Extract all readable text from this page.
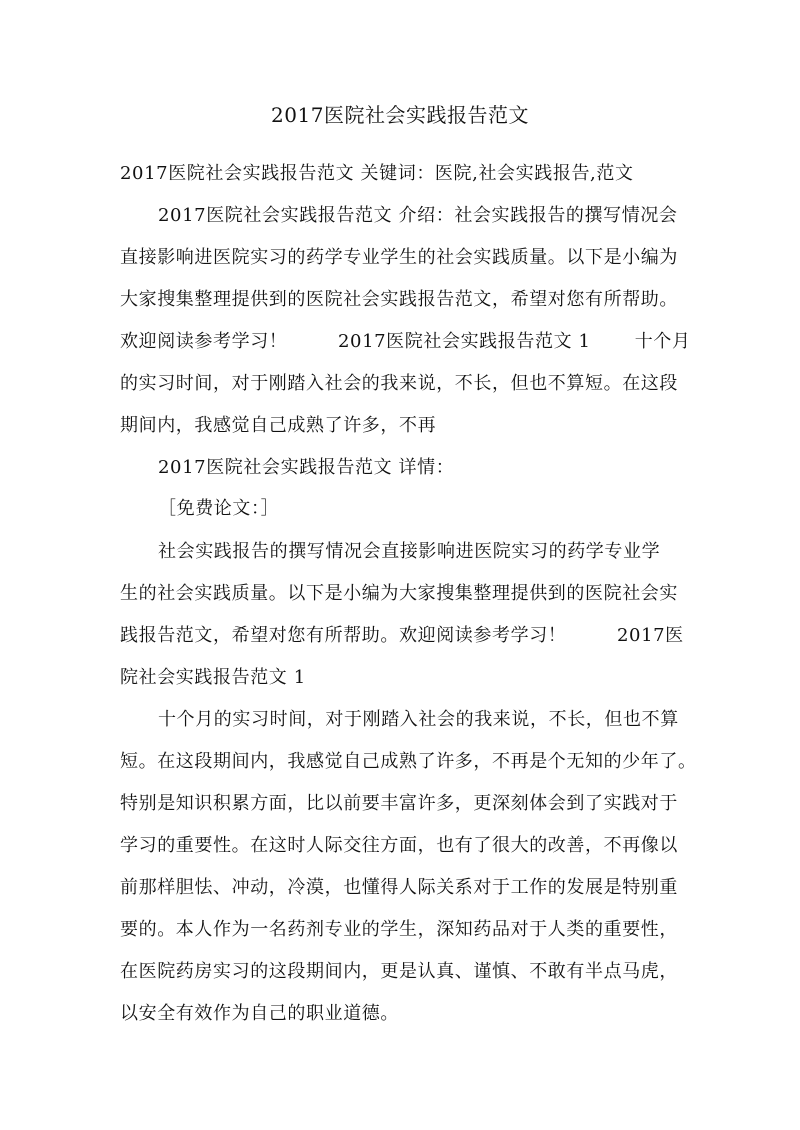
2017医院社会实践报告范文
2017医院社会实践报告范文 关键词：医院,社会实践报告,范文
2017医院社会实践报告范文 介绍：社会实践报告的撰写情况会
直接影响进医院实习的药学专业学生的社会实践质量。以下是小编为
大家搜集整理提供到的医院社会实践报告范文，希望对您有所帮助。
欢迎阅读参考学习！        2017医院社会实践报告范文 1       十个月
的实习时间，对于刚踏入社会的我来说，不长，但也不算短。在这段
期间内，我感觉自己成熟了许多，不再
2017医院社会实践报告范文 详情：
［免费论文：］
社会实践报告的撰写情况会直接影响进医院实习的药学专业学
生的社会实践质量。以下是小编为大家搜集整理提供到的医院社会实
践报告范文，希望对您有所帮助。欢迎阅读参考学习！        2017医
院社会实践报告范文 1
十个月的实习时间，对于刚踏入社会的我来说，不长，但也不算
短。在这段期间内，我感觉自己成熟了许多，不再是个无知的少年了。
特别是知识积累方面，比以前要丰富许多，更深刻体会到了实践对于
学习的重要性。在这时人际交往方面，也有了很大的改善，不再像以
前那样胆怯、冲动，冷漠，也懂得人际关系对于工作的发展是特别重
要的。本人作为一名药剂专业的学生，深知药品对于人类的重要性，
在医院药房实习的这段期间内，更是认真、谨慎、不敢有半点马虎，
以安全有效作为自己的职业道德。
